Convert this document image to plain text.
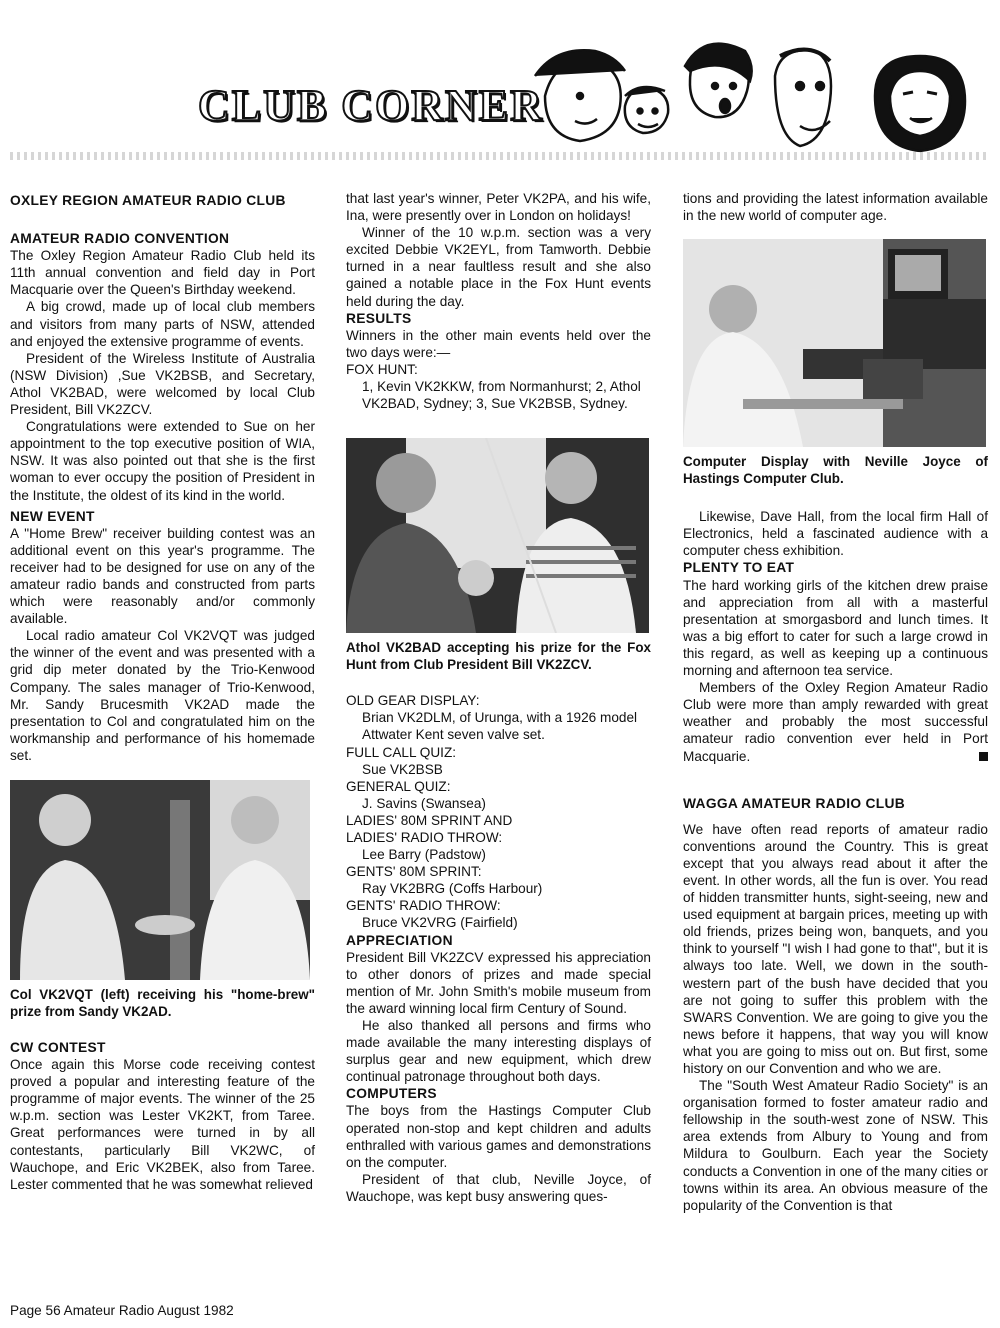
CLUB CORNER

OXLEY REGION AMATEUR RADIO CLUB

AMATEUR RADIO CONVENTION

The Oxley Region Amateur Radio Club held its 11th annual convention and field day in Port Macquarie over the Queen's Birthday weekend.

A big crowd, made up of local club members and visitors from many parts of NSW, attended and enjoyed the extensive programme of events.

President of the Wireless Institute of Australia (NSW Division) ,Sue VK2BSB, and Secretary, Athol VK2BAD, were welcomed by local Club President, Bill VK2ZCV.

Congratulations were extended to Sue on her appointment to the top executive position of WIA, NSW. It was also pointed out that she is the first woman to ever occupy the position of President in the Institute, the oldest of its kind in the world.

NEW EVENT

A "Home Brew" receiver building contest was an additional event on this year's programme. The receiver had to be designed for use on any of the amateur radio bands and constructed from parts which were reasonably and/or commonly available.

Local radio amateur Col VK2VQT was judged the winner of the event and was presented with a grid dip meter donated by the Trio-Kenwood Company. The sales manager of Trio-Kenwood, Mr. Sandy Brucesmith VK2AD made the presentation to Col and congratulated him on the workmanship and performance of his homemade set.

Col VK2VQT (left) receiving his "home-brew" prize from Sandy VK2AD.

CW CONTEST

Once again this Morse code receiving contest proved a popular and interesting feature of the programme of major events. The winner of the 25 w.p.m. section was Lester VK2KT, from Taree. Great performances were turned in by all contestants, particularly Bill VK2WC, of Wauchope, and Eric VK2BEK, also from Taree. Lester commented that he was somewhat relieved

that last year's winner, Peter VK2PA, and his wife, Ina, were presently over in London on holidays!

Winner of the 10 w.p.m. section was a very excited Debbie VK2EYL, from Tamworth. Debbie turned in a near faultless result and she also gained a notable place in the Fox Hunt events held during the day.

RESULTS

Winners in the other main events held over the two days were:—

FOX HUNT:
1, Kevin VK2KKW, from Normanhurst; 2, Athol VK2BAD, Sydney; 3, Sue VK2BSB, Sydney.

Athol VK2BAD accepting his prize for the Fox Hunt from Club President Bill VK2ZCV.

OLD GEAR DISPLAY:
Brian VK2DLM, of Urunga, with a 1926 model Attwater Kent seven valve set.
FULL CALL QUIZ:
Sue VK2BSB
GENERAL QUIZ:
J. Savins (Swansea)
LADIES' 80M SPRINT AND
LADIES' RADIO THROW:
Lee Barry (Padstow)
GENTS' 80M SPRINT:
Ray VK2BRG (Coffs Harbour)
GENTS' RADIO THROW:
Bruce VK2VRG (Fairfield)

APPRECIATION

President Bill VK2ZCV expressed his appreciation to other donors of prizes and made special mention of Mr. John Smith's mobile museum from the award winning local firm Century of Sound.

He also thanked all persons and firms who made available the many interesting displays of surplus gear and new equipment, which drew continual patronage throughout both days.

COMPUTERS

The boys from the Hastings Computer Club operated non-stop and kept children and adults enthralled with various games and demonstrations on the computer.

President of that club, Neville Joyce, of Wauchope, was kept busy answering ques-

tions and providing the latest information available in the new world of computer age.

Computer Display with Neville Joyce of Hastings Computer Club.

Likewise, Dave Hall, from the local firm Hall of Electronics, held a fascinated audience with a computer chess exhibition.

PLENTY TO EAT

The hard working girls of the kitchen drew praise and appreciation from all with a masterful presentation at smorgasbord and lunch times. It was a big effort to cater for such a large crowd in this regard, as well as keeping up a continuous morning and afternoon tea service.

Members of the Oxley Region Amateur Radio Club were more than amply rewarded with great weather and probably the most successful amateur radio convention ever held in Port Macquarie.

WAGGA AMATEUR RADIO CLUB

We have often read reports of amateur radio conventions around the Country. This is great except that you always read about it after the event. In other words, all the fun is over. You read of hidden transmitter hunts, sight-seeing, new and used equipment at bargain prices, meeting up with old friends, prizes being won, banquets, and you think to yourself "I wish I had gone to that", but it is always too late. Well, we down in the south-western part of the bush have decided that you are not going to suffer this problem with the SWARS Convention. We are going to give you the news before it happens, that way you will know what you are going to miss out on. But first, some history on our Convention and who we are.

The "South West Amateur Radio Society" is an organisation formed to foster amateur radio and fellowship in the south-west zone of NSW. This area extends from Albury to Young and from Mildura to Goulburn. Each year the Society conducts a Convention in one of the many cities or towns within its area. An obvious measure of the popularity of the Convention is that

Page 56 Amateur Radio August 1982
